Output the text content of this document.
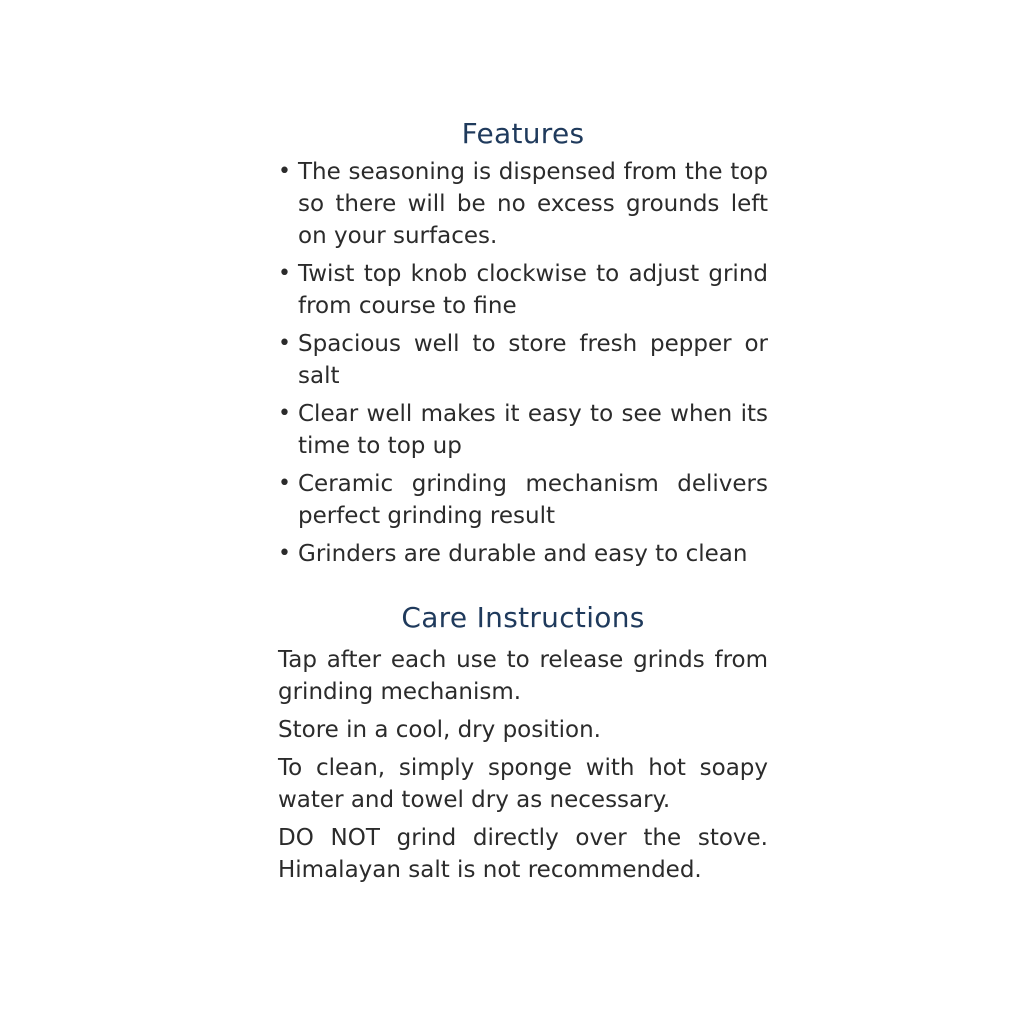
Features
• The seasoning is dispensed from the top so there will be no excess grounds left on your surfaces.
• Twist top knob clockwise to adjust grind from course to fine
• Spacious well to store fresh pepper or salt
• Clear well makes it easy to see when its time to top up
• Ceramic grinding mechanism delivers perfect grinding result
• Grinders are durable and easy to clean
Care Instructions

Tap after each use to release grinds from grinding mechanism.

Store in a cool, dry position.

To clean, simply sponge with hot soapy water and towel dry as necessary.

DO NOT grind directly over the stove. Himalayan salt is not recommended.
